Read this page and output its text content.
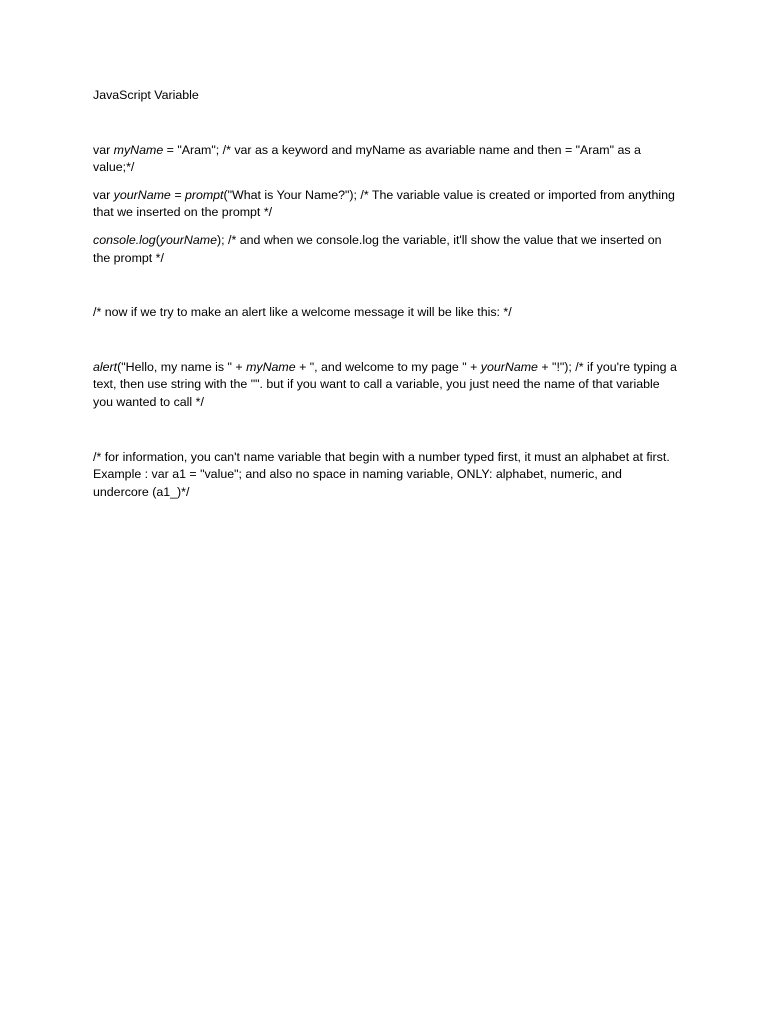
JavaScript Variable
var myName = "Aram"; /* var as a keyword and myName as avariable name and then = "Aram" as a value;*/
var yourName = prompt("What is Your Name?"); /* The variable value is created or imported from anything that we inserted on the prompt */
console.log(yourName); /* and when we console.log the variable, it'll show the value that we inserted on the prompt */
/* now if we try to make an alert like a welcome message it will be like this: */
alert("Hello, my name is " + myName + ", and welcome to my page " + yourName + "!"); /* if you're typing a text, then use string with the "". but if you want to call a variable, you just need the name of that variable you wanted to call */
/* for information, you can't name variable that begin with a number typed first, it must an alphabet at first. Example : var a1 = "value"; and also no space in naming variable, ONLY: alphabet, numeric, and undercore (a1_)*/
